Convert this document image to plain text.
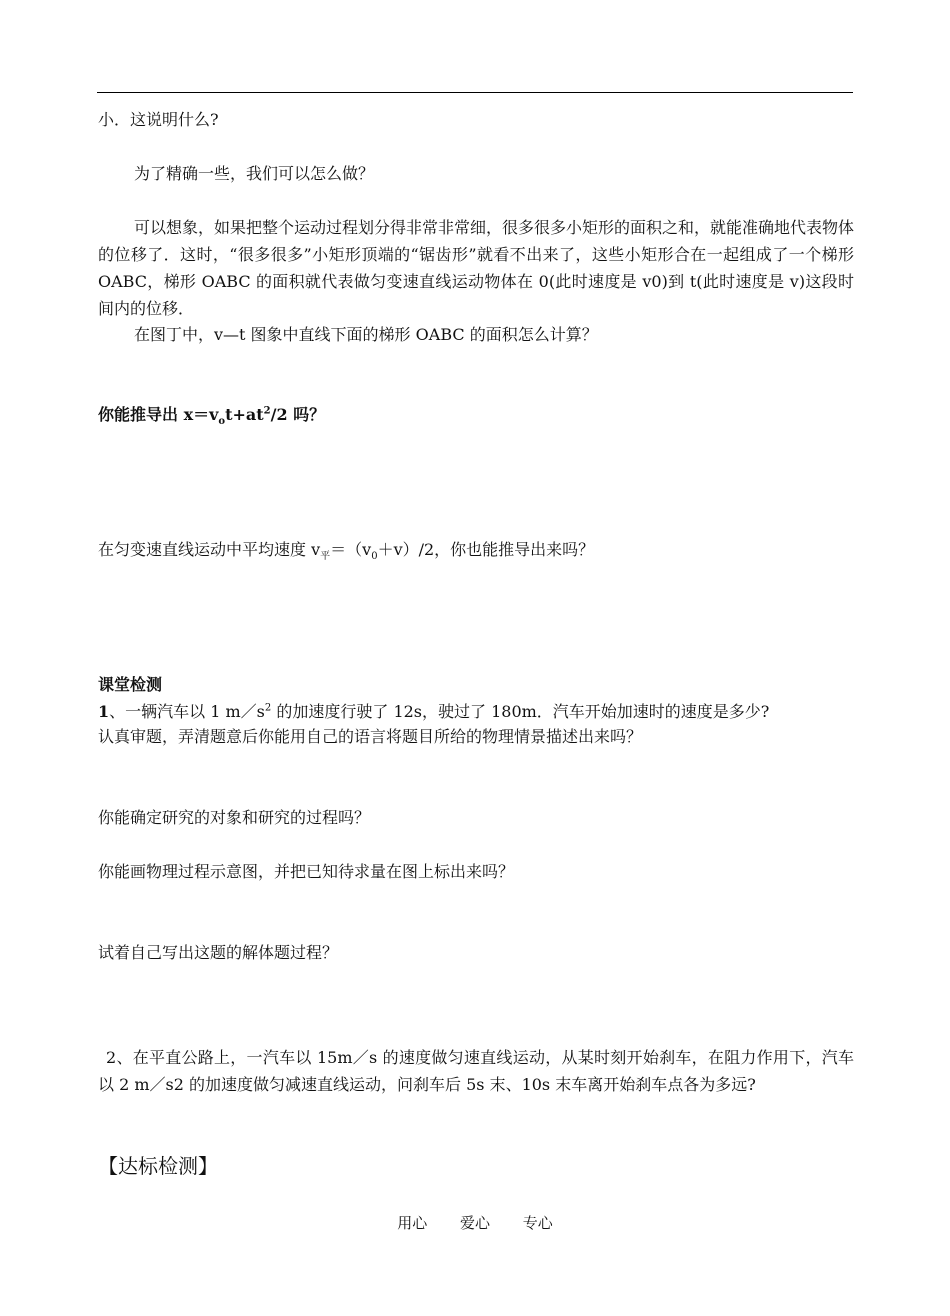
小．这说明什么?
为了精确一些，我们可以怎么做？

可以想象，如果把整个运动过程划分得非常非常细，很多很多小矩形的面积之和，就能准确地代表物体的位移了．这时，“很多很多”小矩形顶端的“锯齿形”就看不出来了，这些小矩形合在一起组成了一个梯形 OABC，梯形 OABC 的面积就代表做匀变速直线运动物体在 0(此时速度是 v0)到 t(此时速度是 v)这段时间内的位移．

在图丁中，v—t 图象中直线下面的梯形 OABC 的面积怎么计算？
你能推导出 $x=v_ot+at^2/2$ 吗？
在匀变速直线运动中平均速度 $v_平=(v_0+v)/2$，你也能推导出来吗？
课堂检测
1、一辆汽车以 1 $m/s^2$ 的加速度行驶了 12s，驶过了 180m．汽车开始加速时的速度是多少?
认真审题，弄清题意后你能用自己的语言将题目所给的物理情景描述出来吗？
你能确定研究的对象和研究的过程吗？
你能画物理过程示意图，并把已知待求量在图上标出来吗？
试着自己写出这题的解体题过程？

2、在平直公路上，一汽车以 15m／s 的速度做匀速直线运动，从某时刻开始刹车，在阻力作用下，汽车以 2 m／s2 的加速度做匀减速直线运动，问刹车后 5s 末、10s 末车离开始刹车点各为多远?

【达标检测】
用心 爱心 专心
